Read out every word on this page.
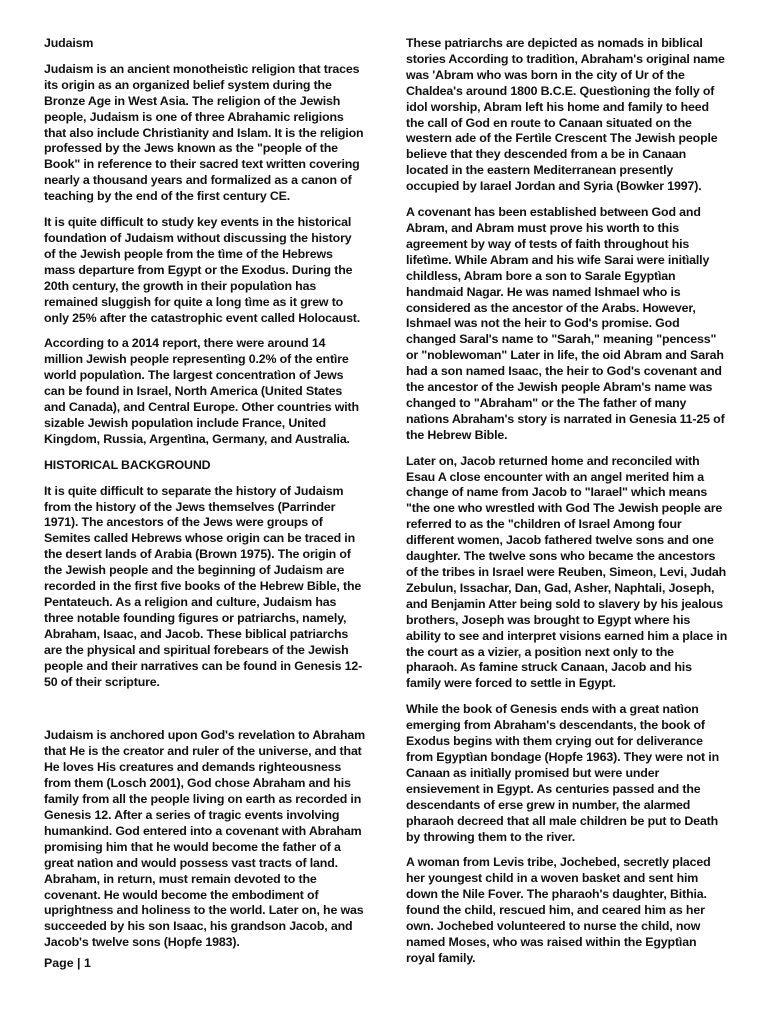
Judaism

Judaism is an ancient monotheistìc religion that traces its origin as an organized belief system during the Bronze Age in West Asia. The religion of the Jewish people, Judaism is one of three Abrahamic religions that also include Christìanity and Islam. It is the religion professed by the Jews known as the "people of the Book" in reference to their sacred text written covering nearly a thousand years and formalized as a canon of teaching by the end of the first century CE.

It is quite difficult to study key events in the historical foundatìon of Judaism without discussing the history of the Jewish people from the tìme of the Hebrews mass departure from Egypt or the Exodus. During the 20th century, the growth in their populatìon has remained sluggish for quite a long tìme as it grew to only 25% after the catastrophic event called Holocaust.

According to a 2014 report, there were around 14 million Jewish people representìng 0.2% of the entìre world populatìon. The largest concentratìon of Jews can be found in Israel, North America (United States and Canada), and Central Europe. Other countries with sizable Jewish populatìon include France, United Kingdom, Russia, Argentìna, Germany, and Australia.

HISTORICAL BACKGROUND

It is quite difficult to separate the history of Judaism from the history of the Jews themselves (Parrinder 1971). The ancestors of the Jews were groups of Semites called Hebrews whose origin can be traced in the desert lands of Arabia (Brown 1975). The origin of the Jewish people and the beginning of Judaism are recorded in the first five books of the Hebrew Bible, the Pentateuch. As a religion and culture, Judaism has three notable founding figures or patriarchs, namely, Abraham, Isaac, and Jacob. These biblical patriarchs are the physical and spiritual forebears of the Jewish people and their narratives can be found in Genesis 12-50 of their scripture.

Judaism is anchored upon God's revelatìon to Abraham that He is the creator and ruler of the universe, and that He loves His creatures and demands righteousness from them (Losch 2001), God chose Abraham and his family from all the people living on earth as recorded in Genesis 12. After a series of tragic events involving humankind. God entered into a covenant with Abraham promising him that he would become the father of a great natìon and would possess vast tracts of land. Abraham, in return, must remain devoted to the covenant. He would become the embodiment of uprightness and holiness to the world. Later on, he was succeeded by his son Isaac, his grandson Jacob, and Jacob's twelve sons (Hopfe 1983).

These patriarchs are depicted as nomads in biblical stories According to traditìon, Abraham's original name was 'Abram who was born in the city of Ur of the Chaldea's around 1800 B.C.E. Questìoning the folly of idol worship, Abram left his home and family to heed the call of God en route to Canaan situated on the western ade of the Fertìle Crescent The Jewish people believe that they descended from a be in Canaan located in the eastern Mediterranean presently occupied by Iarael Jordan and Syria (Bowker 1997).

A covenant has been established between God and Abram, and Abram must prove his worth to this agreement by way of tests of faith throughout his lifetìme. While Abram and his wife Sarai were initìally childless, Abram bore a son to Sarale Egyptìan handmaid Nagar. He was named Ishmael who is considered as the ancestor of the Arabs. However, Ishmael was not the heir to God's promise. God changed Saral's name to "Sarah," meaning "pencess" or "noblewoman" Later in life, the oid Abram and Sarah had a son named Isaac, the heir to God's covenant and the ancestor of the Jewish people Abram's name was changed to "Abraham" or the The father of many natìons Abraham's story is narrated in Genesia 11-25 of the Hebrew Bible.

Later on, Jacob returned home and reconciled with Esau A close encounter with an angel merited him a change of name from Jacob to "Iarael" which means "the one who wrestled with God The Jewish people are referred to as the "children of Israel Among four different women, Jacob fathered twelve sons and one daughter. The twelve sons who became the ancestors of the tribes in Israel were Reuben, Simeon, Levi, Judah Zebulun, Issachar, Dan, Gad, Asher, Naphtali, Joseph, and Benjamin Atter being sold to slavery by his jealous brothers, Joseph was brought to Egypt where his ability to see and interpret visions earned him a place in the court as a vizier, a positìon next only to the pharaoh. As famine struck Canaan, Jacob and his family were forced to settle in Egypt.

While the book of Genesis ends with a great natìon emerging from Abraham's descendants, the book of Exodus begins with them crying out for deliverance from Egyptìan bondage (Hopfe 1963). They were not in Canaan as initìally promised but were under ensievement in Egypt. As centuries passed and the descendants of erse grew in number, the alarmed pharaoh decreed that all male children be put to Death by throwing them to the river.

A woman from Levis tribe, Jochebed, secretly placed her youngest child in a woven basket and sent him down the Nile Fover. The pharaoh's daughter, Bithia. found the child, rescued him, and ceared him as her own. Jochebed volunteered to nurse the child, now named Moses, who was raised within the Egyptìan royal family.

Page | 1
